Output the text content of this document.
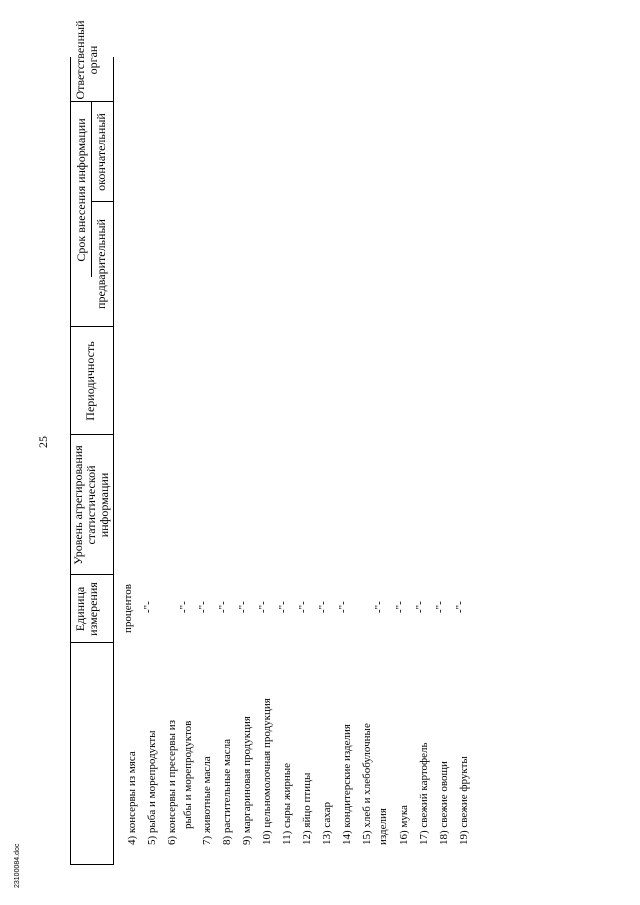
25
23100084.doc
Единица измерения
Уровень агрегирования статистической информации
Периодичность
Срок внесения информации
предварительный
окончательный
Ответственный орган
4) консервы из мяса
процентов
5) рыба и морепродукты
-"-
6) консервы и пресервы из рыбы и морепродуктов
-"-
7) животные масла
-"-
8) растительные масла
-"-
9) маргариновая продукция
-"-
10) цельномолочная продукция
-"-
11) сыры жирные
-"-
12) яйцо птицы
-"-
13) сахар
-"-
14) кондитерские изделия
-"-
15) хлеб и хлебобулочные изделия
-"-
16) мука
-"-
17) свежий картофель
-"-
18) свежие овощи
-"-
19) свежие фрукты
-"-
